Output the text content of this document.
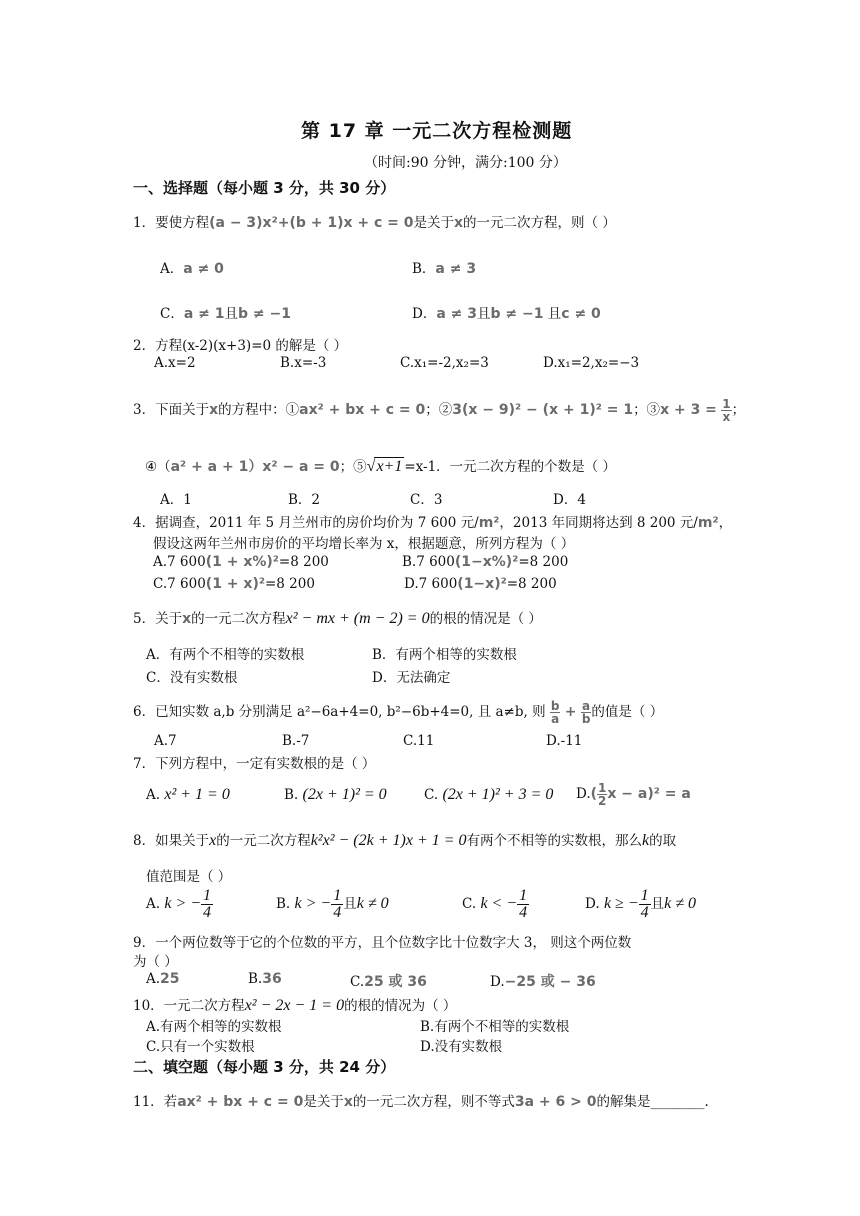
第 17 章 一元二次方程检测题
（时间:90 分钟，满分:100 分）
一、选择题（每小题 3 分，共 30 分）
1．要使方程(a − 3)x²+(b + 1)x + c = 0是关于x的一元二次方程，则（ ）
A．a ≠ 0	B．a ≠ 3
C．a ≠ 1且b ≠ −1	D．a ≠ 3且b ≠ −1 且c ≠ 0
2．方程(x-2)(x+3)=0 的解是（ ）
A.x=2	B.x=-3	C.x₁=-2,x₂=3	D.x₁=2,x₂=−3
3．下面关于x的方程中：①ax² + bx + c = 0；②3(x − 9)² − (x + 1)² = 1；③x + $3 = \frac{1}{x}$ ；
④（a² + a + 1）x² − a = 0；⑤√x+1 =x-1．一元二次方程的个数是（ ）
A．1	B．2	C．3	D．4
4．据调查，2011 年 5 月兰州市的房价均价为 7 600 元/m²，2013 年同期将达到 8 200 元/m²，
假设这两年兰州市房价的平均增长率为 x，根据题意，所列方程为（ ）
A.7 600(1 + x%)²=8 200	B.7 600(1−x%)²=8 200
C.7 600(1 + x)²=8 200	D.7 600(1−x)²=8 200
5．关于x的一元二次方程x² − mx + (m − 2) = 0的根的情况是（ ）
A．有两个不相等的实数根	B．有两个相等的实数根
C．没有实数根	D．无法确定
6．已知实数 a,b 分别满足 a²−6a+4=0, b²−6b+4=0, 且 a≠b, 则 $\frac{b}{a} + \frac{a}{b}$ 的值是（ ）
A.7	B.-7	C.11	D.-11
7．下列方程中，一定有实数根的是（ ）
A. x² + 1 = 0	B. (2x + 1)² = 0	C. (2x + 1)² + 3 = 0 $D.( \frac{1}{2}$ x − a)² = a
8．如果关于x的一元二次方程k²x² − (2k + 1)x + 1 = 0有两个不相等的实数根，那么k的取
值范围是（ ）
A. k > − $\frac{1}{4}$	B. k > − $\frac{1}{4}$ 且k ≠ 0	C. k < − $\frac{1}{4}$	D. k ≥ − $\frac{1}{4}$ 且k ≠ 0
9．一个两位数等于它的个位数的平方，且个位数字比十位数字大 3， 则这个两位数
为（ ）
A.25	B.36	C.25 或 36	D.−25 或 − 36
10．一元二次方程x² − 2x − 1 = 0的根的情况为（ ）
A.有两个相等的实数根	B.有两个不相等的实数根
C.只有一个实数根	D.没有实数根
二、填空题（每小题 3 分，共 24 分）
11．若ax² + bx + c = 0是关于x的一元二次方程，则不等式3a + 6 > 0的解集是________.
